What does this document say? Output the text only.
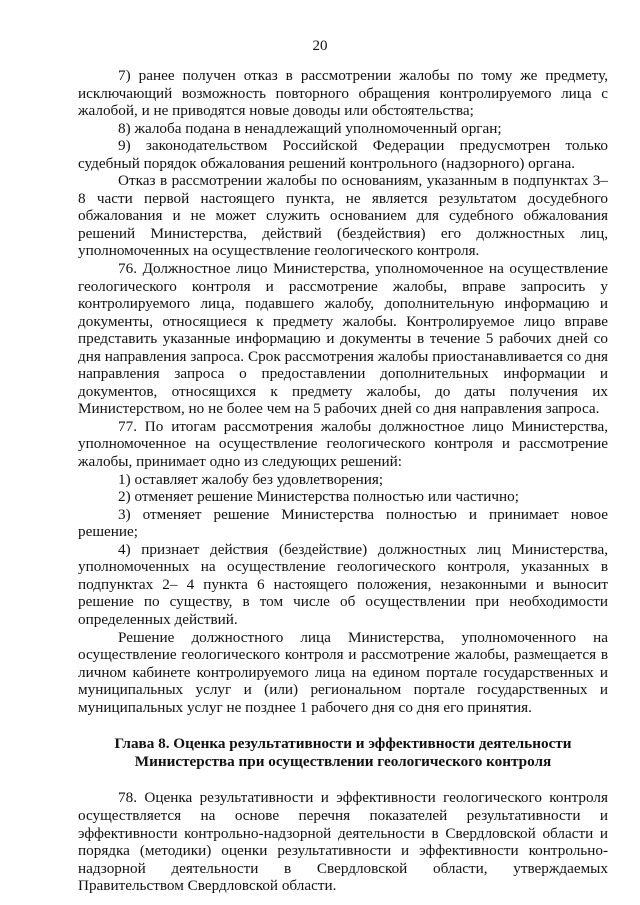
20

7) ранее получен отказ в рассмотрении жалобы по тому же предмету, исключающий возможность повторного обращения контролируемого лица с жалобой, и не приводятся новые доводы или обстоятельства;

8) жалоба подана в ненадлежащий уполномоченный орган;

9) законодательством Российской Федерации предусмотрен только судебный порядок обжалования решений контрольного (надзорного) органа.

Отказ в рассмотрении жалобы по основаниям, указанным в подпунктах 3–8 части первой настоящего пункта, не является результатом досудебного обжалования и не может служить основанием для судебного обжалования решений Министерства, действий (бездействия) его должностных лиц, уполномоченных на осуществление геологического контроля.

76. Должностное лицо Министерства, уполномоченное на осуществление геологического контроля и рассмотрение жалобы, вправе запросить у контролируемого лица, подавшего жалобу, дополнительную информацию и документы, относящиеся к предмету жалобы. Контролируемое лицо вправе представить указанные информацию и документы в течение 5 рабочих дней со дня направления запроса. Срок рассмотрения жалобы приостанавливается со дня направления запроса о предоставлении дополнительных информации и документов, относящихся к предмету жалобы, до даты получения их Министерством, но не более чем на 5 рабочих дней со дня направления запроса.

77. По итогам рассмотрения жалобы должностное лицо Министерства, уполномоченное на осуществление геологического контроля и рассмотрение жалобы, принимает одно из следующих решений:

1) оставляет жалобу без удовлетворения;

2) отменяет решение Министерства полностью или частично;

3) отменяет решение Министерства полностью и принимает новое решение;

4) признает действия (бездействие) должностных лиц Министерства, уполномоченных на осуществление геологического контроля, указанных в подпунктах 2– 4 пункта 6 настоящего положения, незаконными и выносит решение по существу, в том числе об осуществлении при необходимости определенных действий.

Решение должностного лица Министерства, уполномоченного на осуществление геологического контроля и рассмотрение жалобы, размещается в личном кабинете контролируемого лица на едином портале государственных и муниципальных услуг и (или) региональном портале государственных и муниципальных услуг не позднее 1 рабочего дня со дня его принятия.

Глава 8. Оценка результативности и эффективности деятельности
Министерства при осуществлении геологического контроля

78. Оценка результативности и эффективности геологического контроля осуществляется на основе перечня показателей результативности и эффективности контрольно-надзорной деятельности в Свердловской области и порядка (методики) оценки результативности и эффективности контрольно-надзорной деятельности в Свердловской области, утверждаемых Правительством Свердловской области.
